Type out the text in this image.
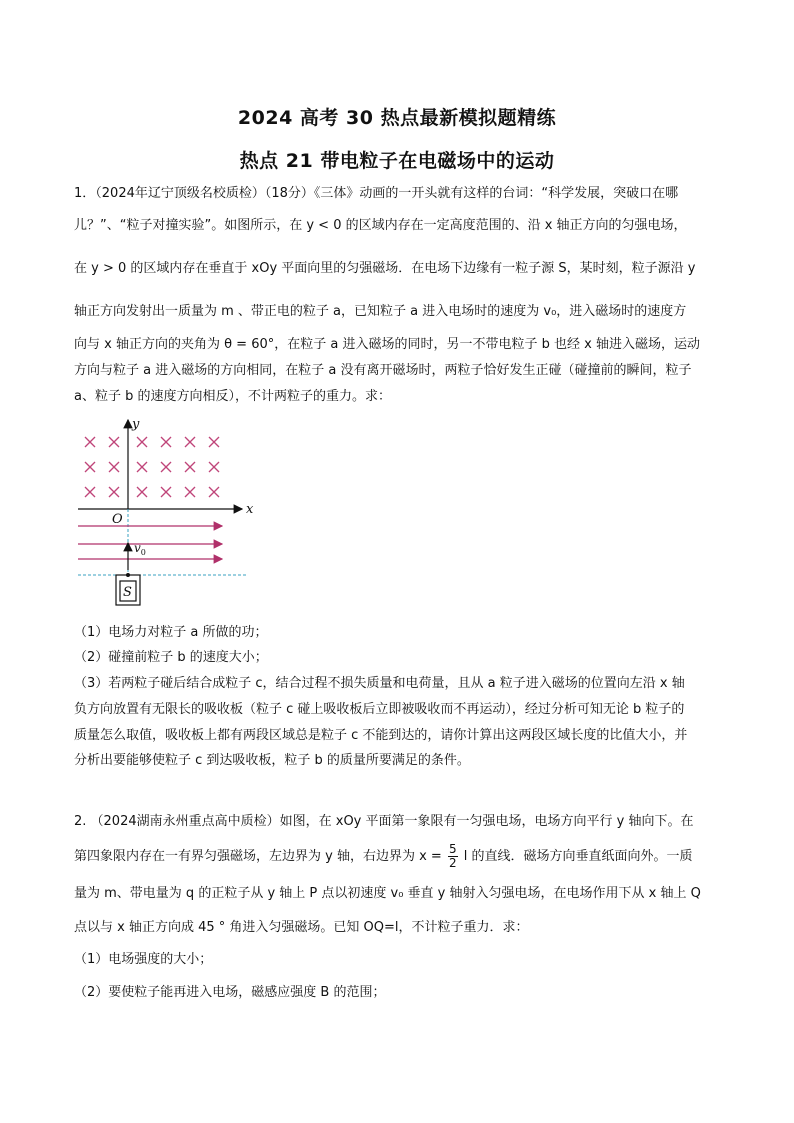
2024 高考 30 热点最新模拟题精练
热点 21 带电粒子在电磁场中的运动
1．（2024年辽宁顶级名校质检）（18分）《三体》动画的一开头就有这样的台词：“科学发展，突破口在哪
儿？”、“粒子对撞实验”。如图所示，在 y < 0 的区域内存在一定高度范围的、沿 x 轴正方向的匀强电场，
在 y > 0 的区域内存在垂直于 xOy 平面向里的匀强磁场．在电场下边缘有一粒子源 S，某时刻，粒子源沿 y
轴正方向发射出一质量为 m 、带正电的粒子 a，已知粒子 a 进入电场时的速度为 v₀，进入磁场时的速度方
向与 x 轴正方向的夹角为 θ = 60°，在粒子 a 进入磁场的同时，另一不带电粒子 b 也经 x 轴进入磁场，运动
方向与粒子 a 进入磁场的方向相同，在粒子 a 没有离开磁场时，两粒子恰好发生正碰（碰撞前的瞬间，粒子
a、粒子 b 的速度方向相反），不计两粒子的重力。求：
y
x
O
$v_0$
S
（1）电场力对粒子 a 所做的功；
（2）碰撞前粒子 b 的速度大小；
（3）若两粒子碰后结合成粒子 c，结合过程不损失质量和电荷量，且从 a 粒子进入磁场的位置向左沿 x 轴
负方向放置有无限长的吸收板（粒子 c 碰上吸收板后立即被吸收而不再运动），经过分析可知无论 b 粒子的
质量怎么取值，吸收板上都有两段区域总是粒子 c 不能到达的，请你计算出这两段区域长度的比值大小，并
分析出要能够使粒子 c 到达吸收板，粒子 b 的质量所要满足的条件。
2. （2024湖南永州重点高中质检）如图，在 xOy 平面第一象限有一匀强电场，电场方向平行 y 轴向下。在
第四象限内存在一有界匀强磁场，左边界为 y 轴，右边界为 $x = \frac{5}{2}$ l 的直线．磁场方向垂直纸面向外。一质
量为 m、带电量为 q 的正粒子从 y 轴上 P 点以初速度 v₀ 垂直 y 轴射入匀强电场，在电场作用下从 x 轴上 Q
点以与 x 轴正方向成 45 ° 角进入匀强磁场。已知 OQ=l，不计粒子重力．求：
（1）电场强度的大小；
（2）要使粒子能再进入电场，磁感应强度 B 的范围；
